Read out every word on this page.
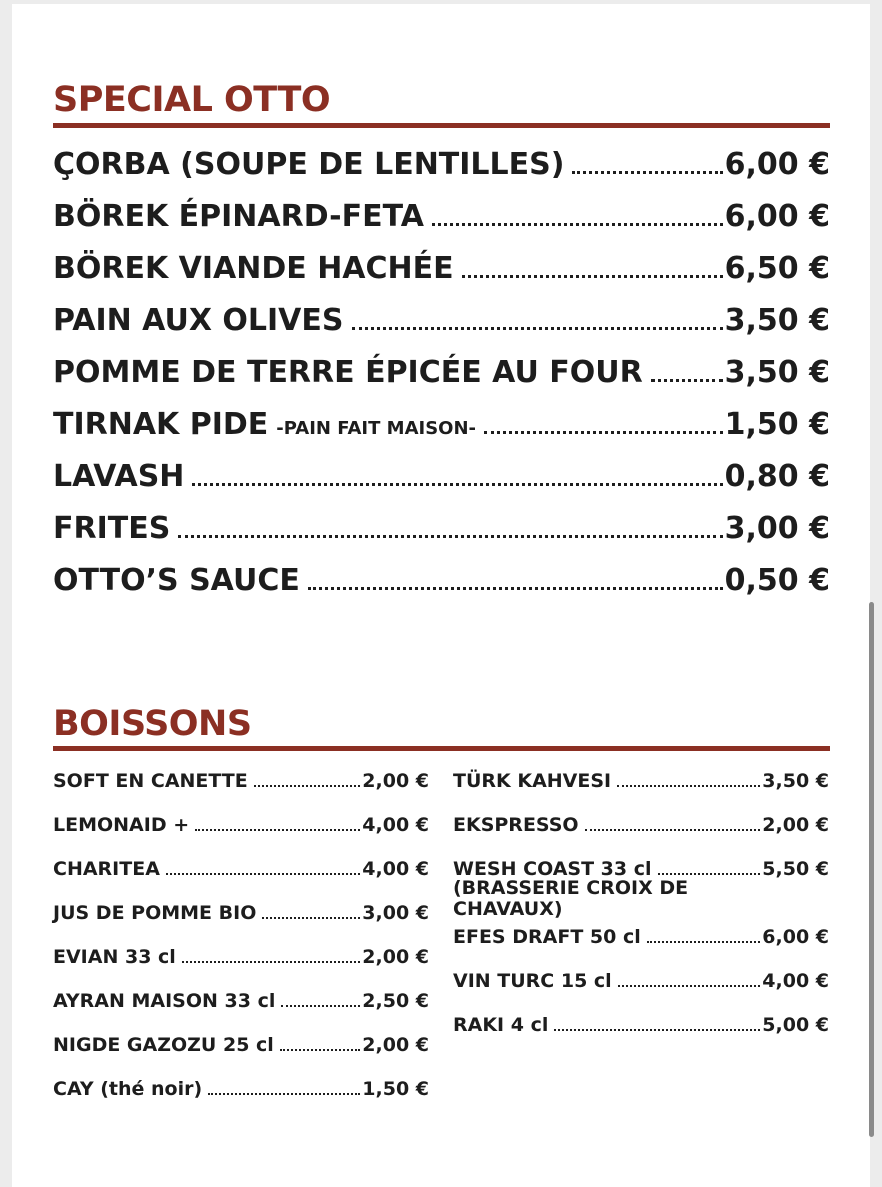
SPECIAL OTTO
ÇORBA (SOUPE DE LENTILLES)	6,00 €
BÖREK ÉPINARD-FETA	6,00 €
BÖREK VIANDE HACHÉE	6,50 €
PAIN AUX OLIVES	3,50 €
POMME DE TERRE ÉPICÉE AU FOUR	3,50 €
TIRNAK PIDE -PAIN FAIT MAISON-	1,50 €
LAVASH	0,80 €
FRITES	3,00 €
OTTO’S SAUCE	0,50 €
BOISSONS
SOFT EN CANETTE	2,00 €
LEMONAID +	4,00 €
CHARITEA	4,00 €
JUS DE POMME BIO	3,00 €
EVIAN 33 cl	2,00 €
AYRAN MAISON 33 cl	2,50 €
NIGDE GAZOZU 25 cl	2,00 €
CAY (thé noir)	1,50 €
TÜRK KAHVESI	3,50 €
EKSPRESSO	2,00 €
WESH COAST 33 cl	5,50 €
(BRASSERIE CROIX DE CHAVAUX)
EFES DRAFT 50 cl	6,00 €
VIN TURC 15 cl	4,00 €
RAKI 4 cl	5,00 €
